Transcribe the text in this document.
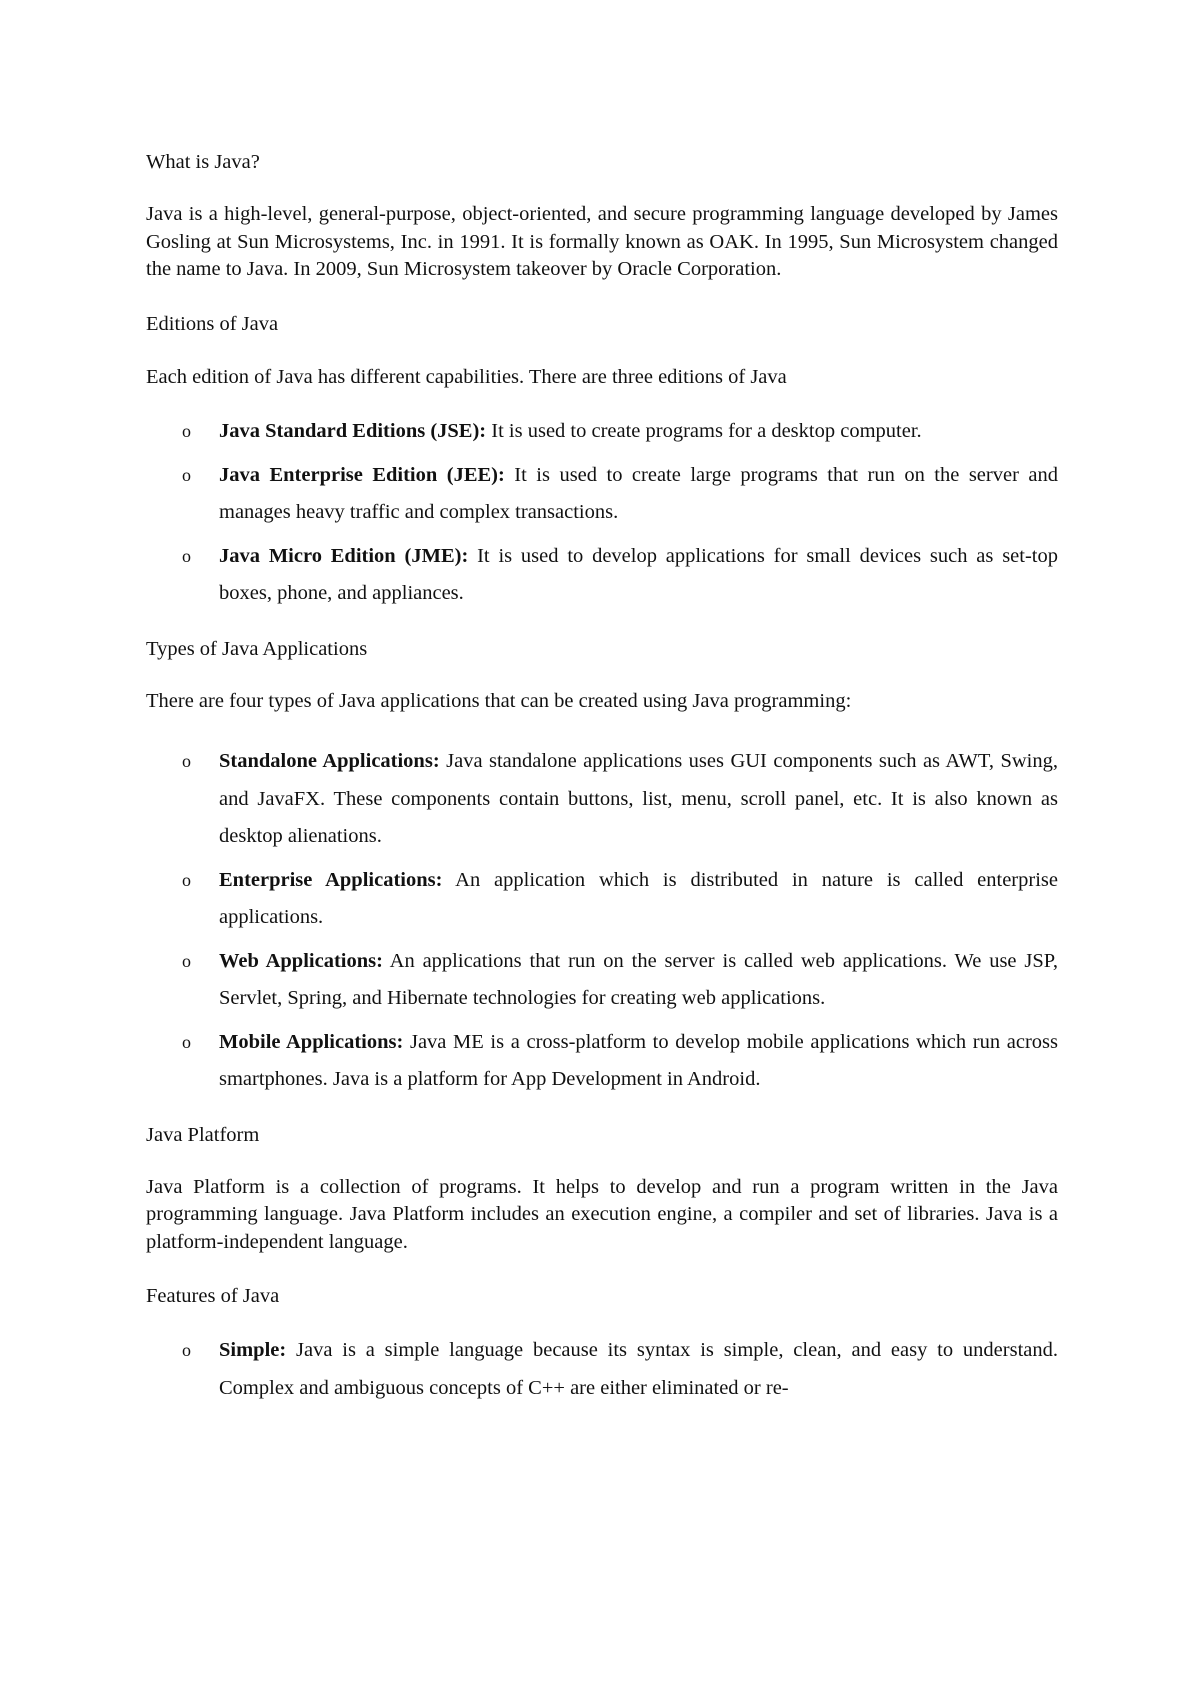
What is Java?

Java is a high-level, general-purpose, object-oriented, and secure programming language developed by James Gosling at Sun Microsystems, Inc. in 1991. It is formally known as OAK. In 1995, Sun Microsystem changed the name to Java. In 2009, Sun Microsystem takeover by Oracle Corporation.

Editions of Java

Each edition of Java has different capabilities. There are three editions of Java

o Java Standard Editions (JSE): It is used to create programs for a desktop computer.
o Java Enterprise Edition (JEE): It is used to create large programs that run on the server and manages heavy traffic and complex transactions.
o Java Micro Edition (JME): It is used to develop applications for small devices such as set-top boxes, phone, and appliances.

Types of Java Applications

There are four types of Java applications that can be created using Java programming:

o Standalone Applications: Java standalone applications uses GUI components such as AWT, Swing, and JavaFX. These components contain buttons, list, menu, scroll panel, etc. It is also known as desktop alienations.
o Enterprise Applications: An application which is distributed in nature is called enterprise applications.
o Web Applications: An applications that run on the server is called web applications. We use JSP, Servlet, Spring, and Hibernate technologies for creating web applications.
o Mobile Applications: Java ME is a cross-platform to develop mobile applications which run across smartphones. Java is a platform for App Development in Android.

Java Platform

Java Platform is a collection of programs. It helps to develop and run a program written in the Java programming language. Java Platform includes an execution engine, a compiler and set of libraries. Java is a platform-independent language.

Features of Java

o Simple: Java is a simple language because its syntax is simple, clean, and easy to understand. Complex and ambiguous concepts of C++ are either eliminated or re-
